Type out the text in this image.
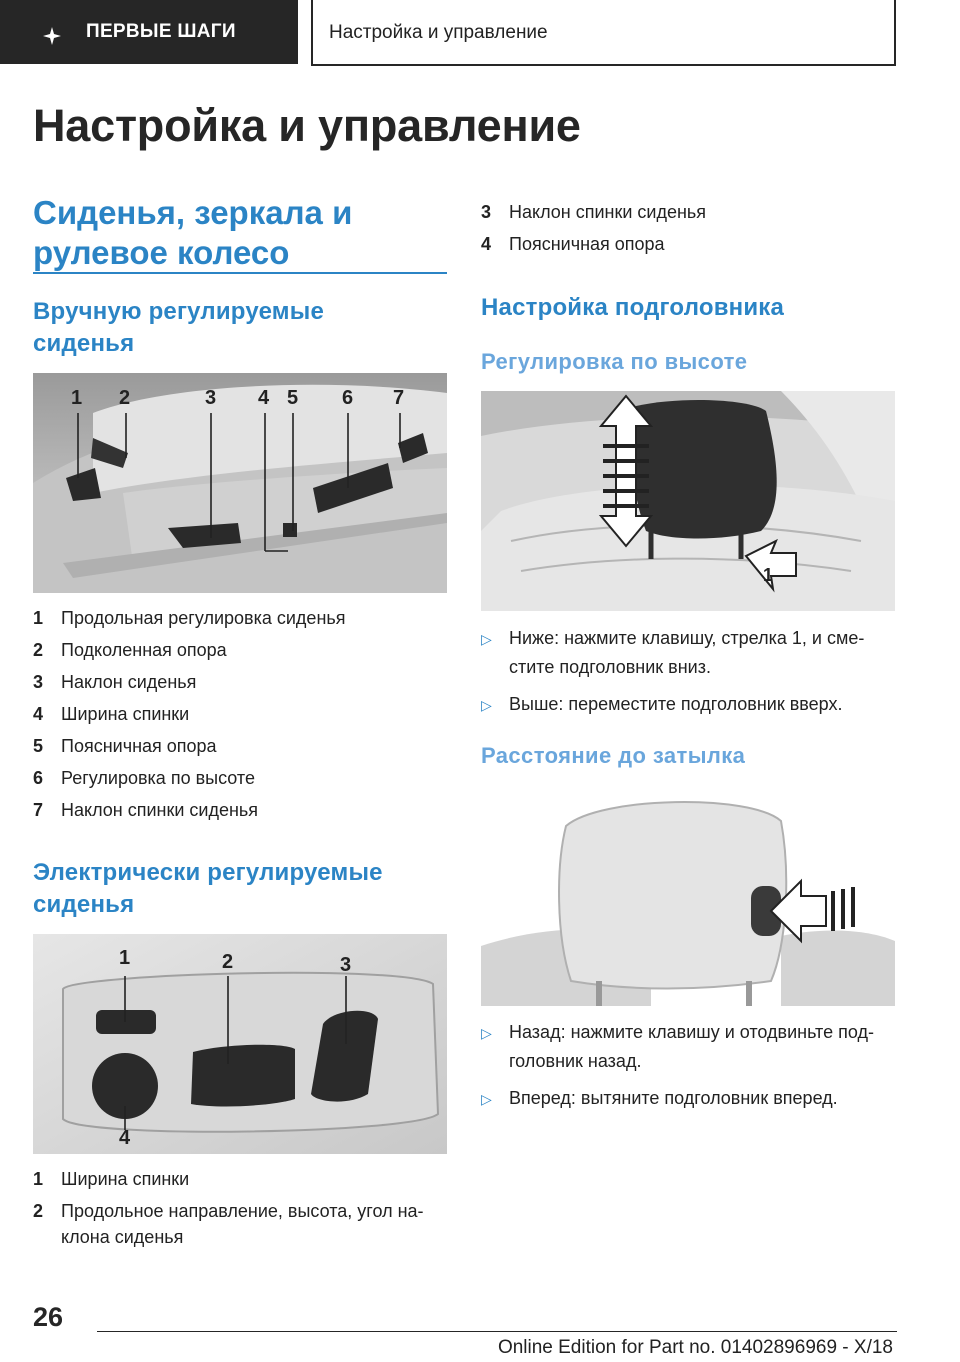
ПЕРВЫЕ ШАГИ	Настройка и управление
Настройка и управление
Сиденья, зеркала и
рулевое колесо
Вручную регулируемые
сиденья
1 2	3 4 5 6 7
1 Продольная регулировка сиденья
2 Подколенная опора
3 Наклон сиденья
4 Ширина спинки
5 Поясничная опора
6 Регулировка по высоте
7 Наклон спинки сиденья
Электрически регулируемые
сиденья
1	2	3
4
1 Ширина спинки
2 Продольное направление, высота, угол на-клона сиденья
3 Наклон спинки сиденья
4 Поясничная опора
Настройка подголовника
Регулировка по высоте
1
▷ Ниже: нажмите клавишу, стрелка 1, и сме-стите подголовник вниз.
▷ Выше: переместите подголовник вверх.
Расстояние до затылка
▷ Назад: нажмите клавишу и отодвиньте под-головник назад.
▷ Вперед: вытяните подголовник вперед.
26
Online Edition for Part no. 01402896969 - X/18
